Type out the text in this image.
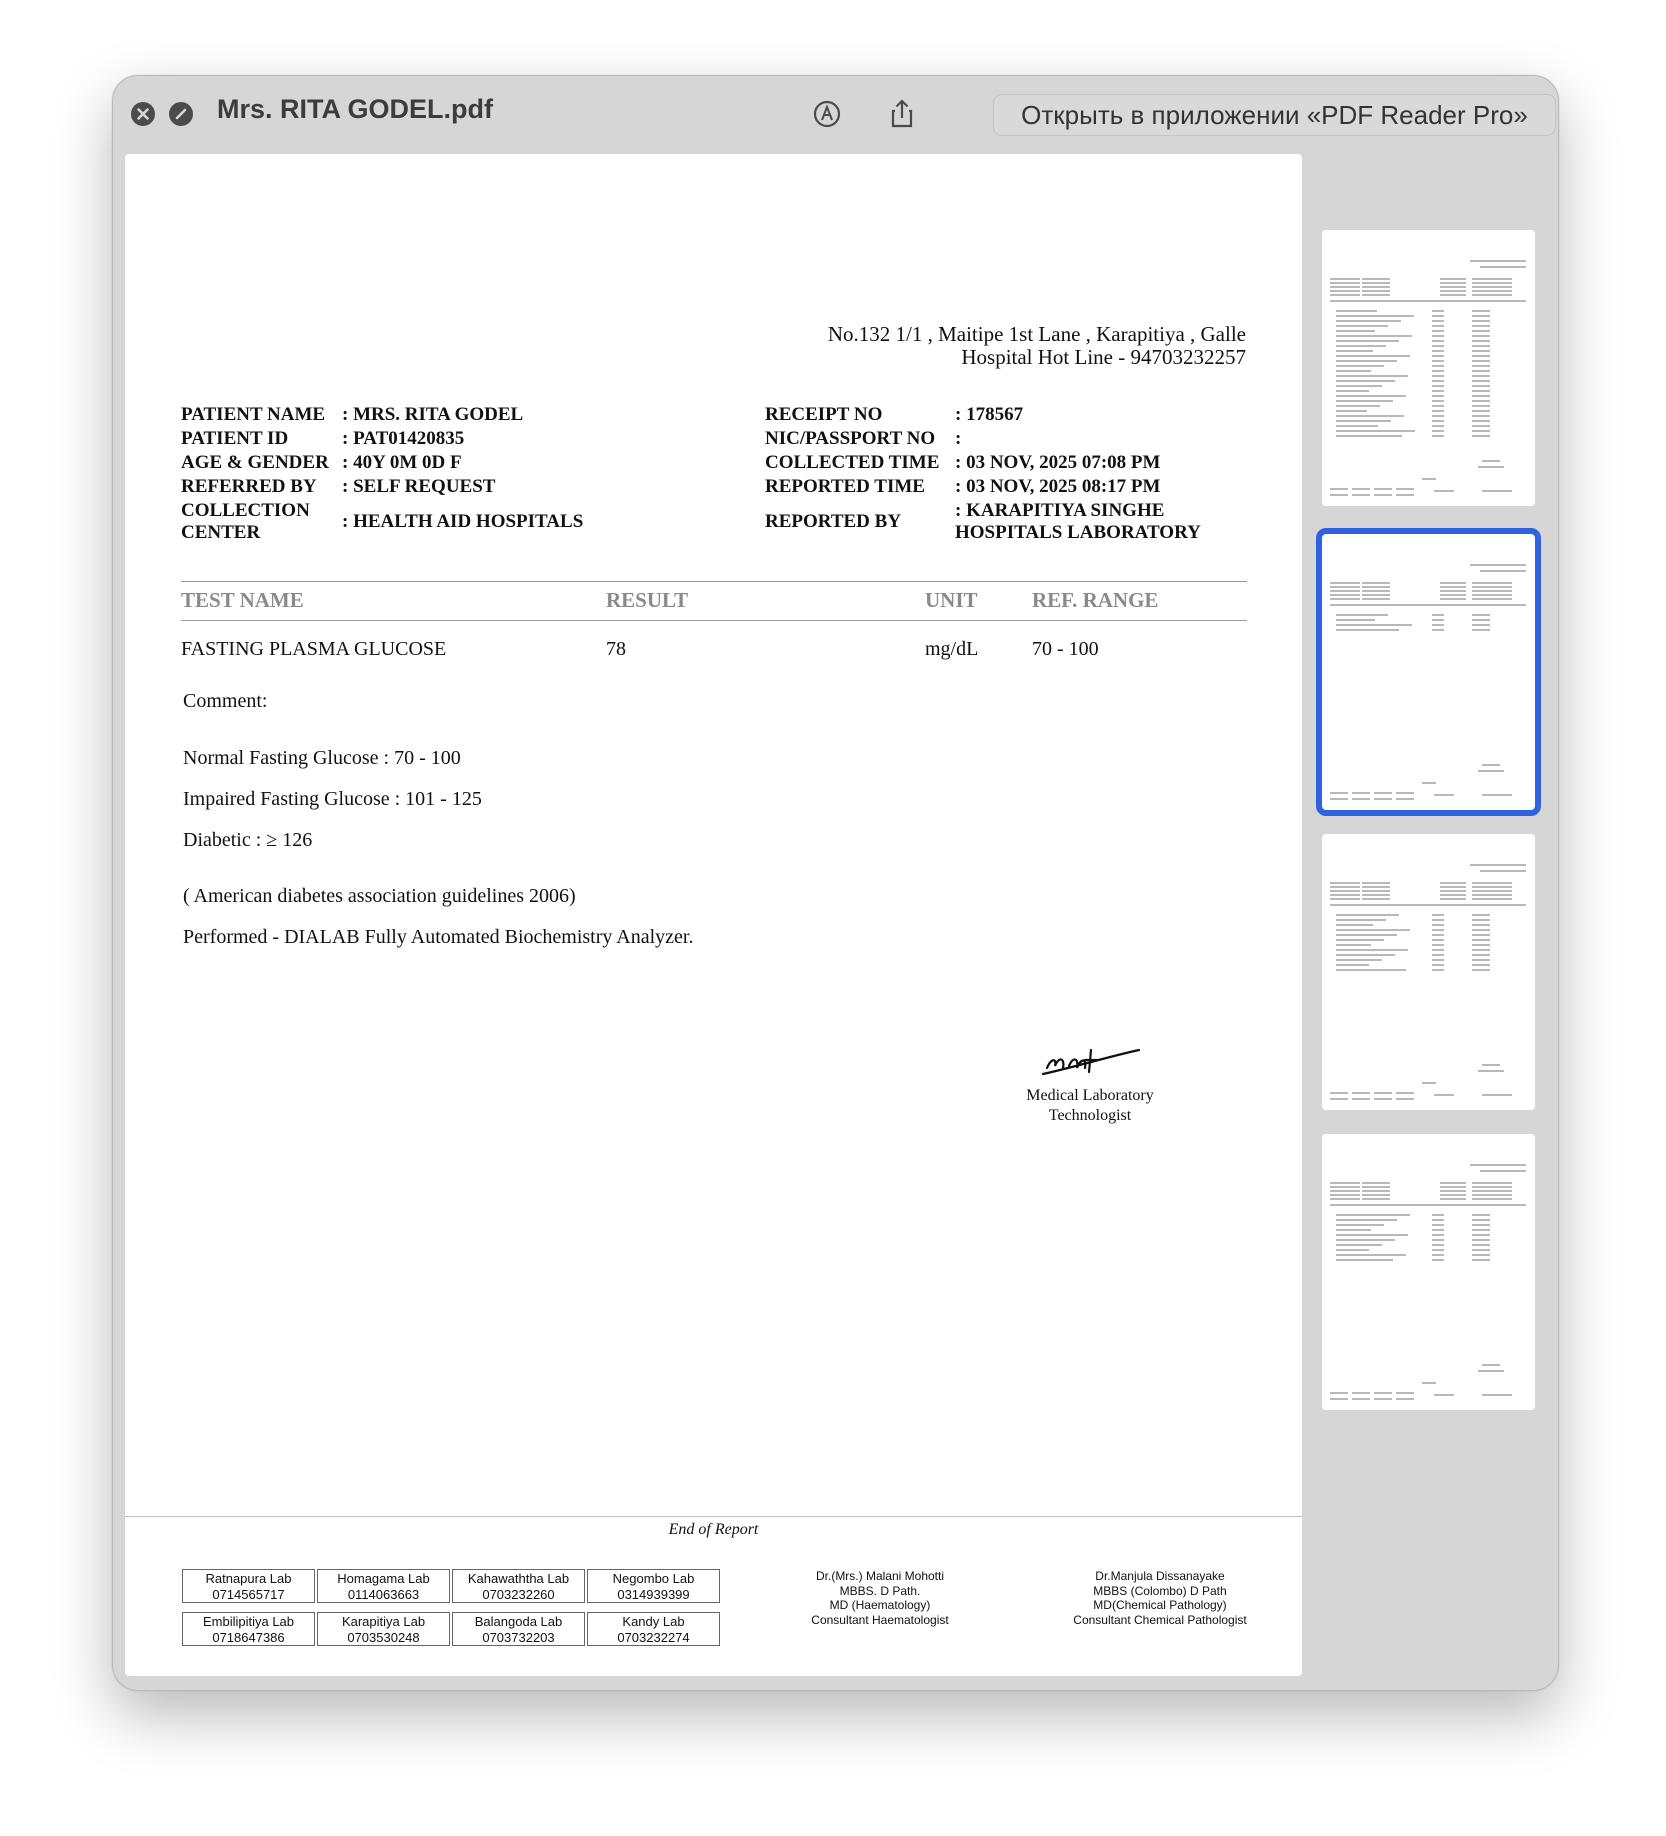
Mrs. RITA GODEL.pdf	Открыть в приложении «PDF Reader Pro»
No.132 1/1 , Maitipe 1st Lane , Karapitiya , Galle
Hospital Hot Line - 94703232257
PATIENT NAME : MRS. RITA GODEL
PATIENT ID	: PAT01420835
AGE & GENDER : 40Y 0M 0D F
REFERRED BY : SELF REQUEST
COLLECTION
CENTER
: HEALTH AID HOSPITALS
RECEIPT NO	: 178567
NIC/PASSPORT NO :
COLLECTED TIME : 03 NOV, 2025 07:08 PM
REPORTED TIME : 03 NOV, 2025 08:17 PM
REPORTED BY
: KARAPITIYA SINGHE
HOSPITALS LABORATORY
TEST NAME	RESULT	UNIT	REF. RANGE
FASTING PLASMA GLUCOSE	78	mg/dL	70 - 100
Comment:
Normal Fasting Glucose : 70 - 100
Impaired Fasting Glucose : 101 - 125
Diabetic : ≥ 126
( American diabetes association guidelines 2006)
Performed - DIALAB Fully Automated Biochemistry Analyzer.
Medical Laboratory
Technologist
End of Report
Ratnapura Lab
0714565717
Homagama Lab
0114063663
Kahawaththa Lab
0703232260
Negombo Lab
0314939399
Embilipitiya Lab
0718647386
Karapitiya Lab
0703530248
Balangoda Lab
0703732203
Kandy Lab
0703232274
Dr.(Mrs.) Malani Mohotti
MBBS. D Path.
MD (Haematology)
Consultant Haematologist
Dr.Manjula Dissanayake
MBBS (Colombo) D Path
MD(Chemical Pathology)
Consultant Chemical Pathologist
